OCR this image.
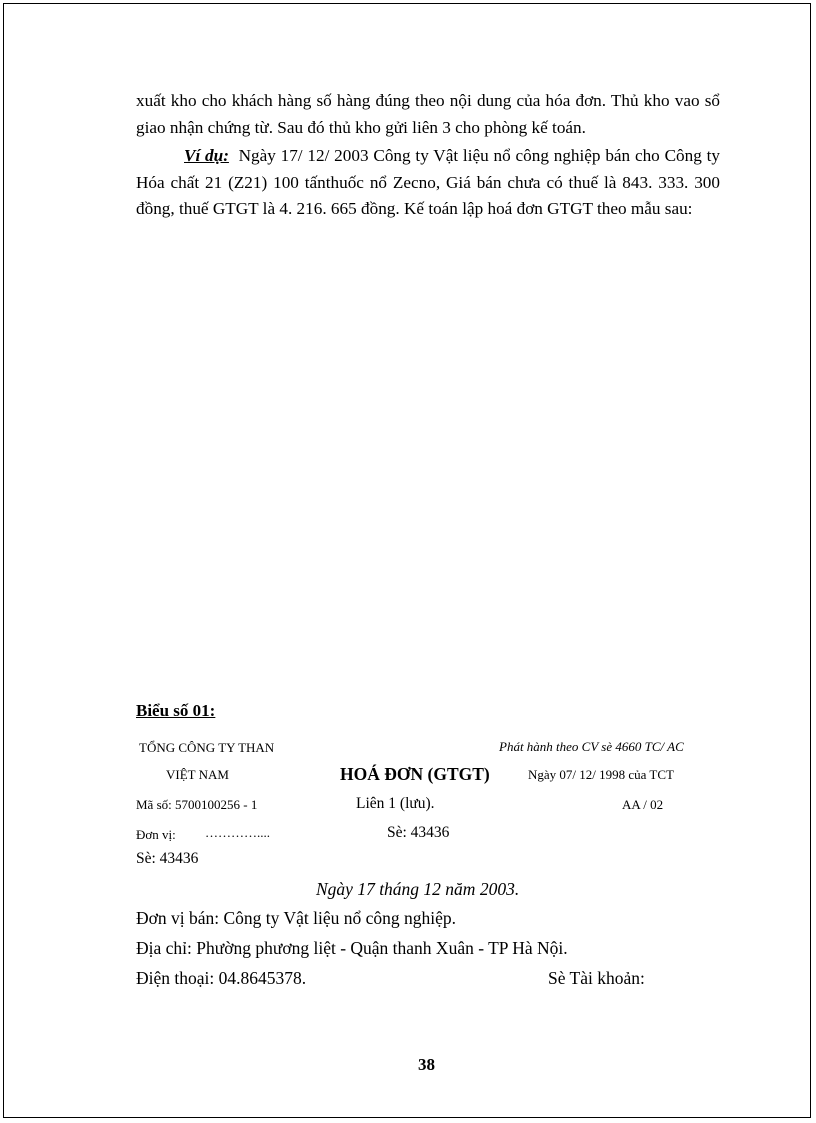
xuất kho cho khách hàng số hàng đúng theo nội dung của hóa đơn. Thủ kho vao sổ giao nhận chứng từ. Sau đó thủ kho gửi liên 3 cho phòng kế toán.

Ví dụ: Ngày 17/ 12/ 2003 Công ty Vật liệu nổ công nghiệp bán cho Công ty Hóa chất 21 (Z21) 100 tấnthuốc nổ Zecno, Giá bán chưa có thuế là 843. 333. 300 đồng, thuế GTGT là 4. 216. 665 đồng. Kế toán lập hoá đơn GTGT theo mẫu sau:

Biểu số 01:
TỔNG CÔNG TY THAN
VIỆT NAM
Phát hành theo CV sè 4660 TC/ AC
Ngày 07/ 12/ 1998 của TCT
HOÁ ĐƠN (GTGT)
Mã số: 5700100256 - 1	Liên 1 (lưu).	AA / 02
Đơn vị: …………....	Sè: 43436
Sè: 43436
Ngày 17 tháng 12 năm 2003.
Đơn vị bán: Công ty Vật liệu nổ công nghiệp.
Địa chỉ: Phường phương liệt - Quận thanh Xuân - TP Hà Nội.
Điện thoại: 04.8645378.	Sè Tài khoản:
38
